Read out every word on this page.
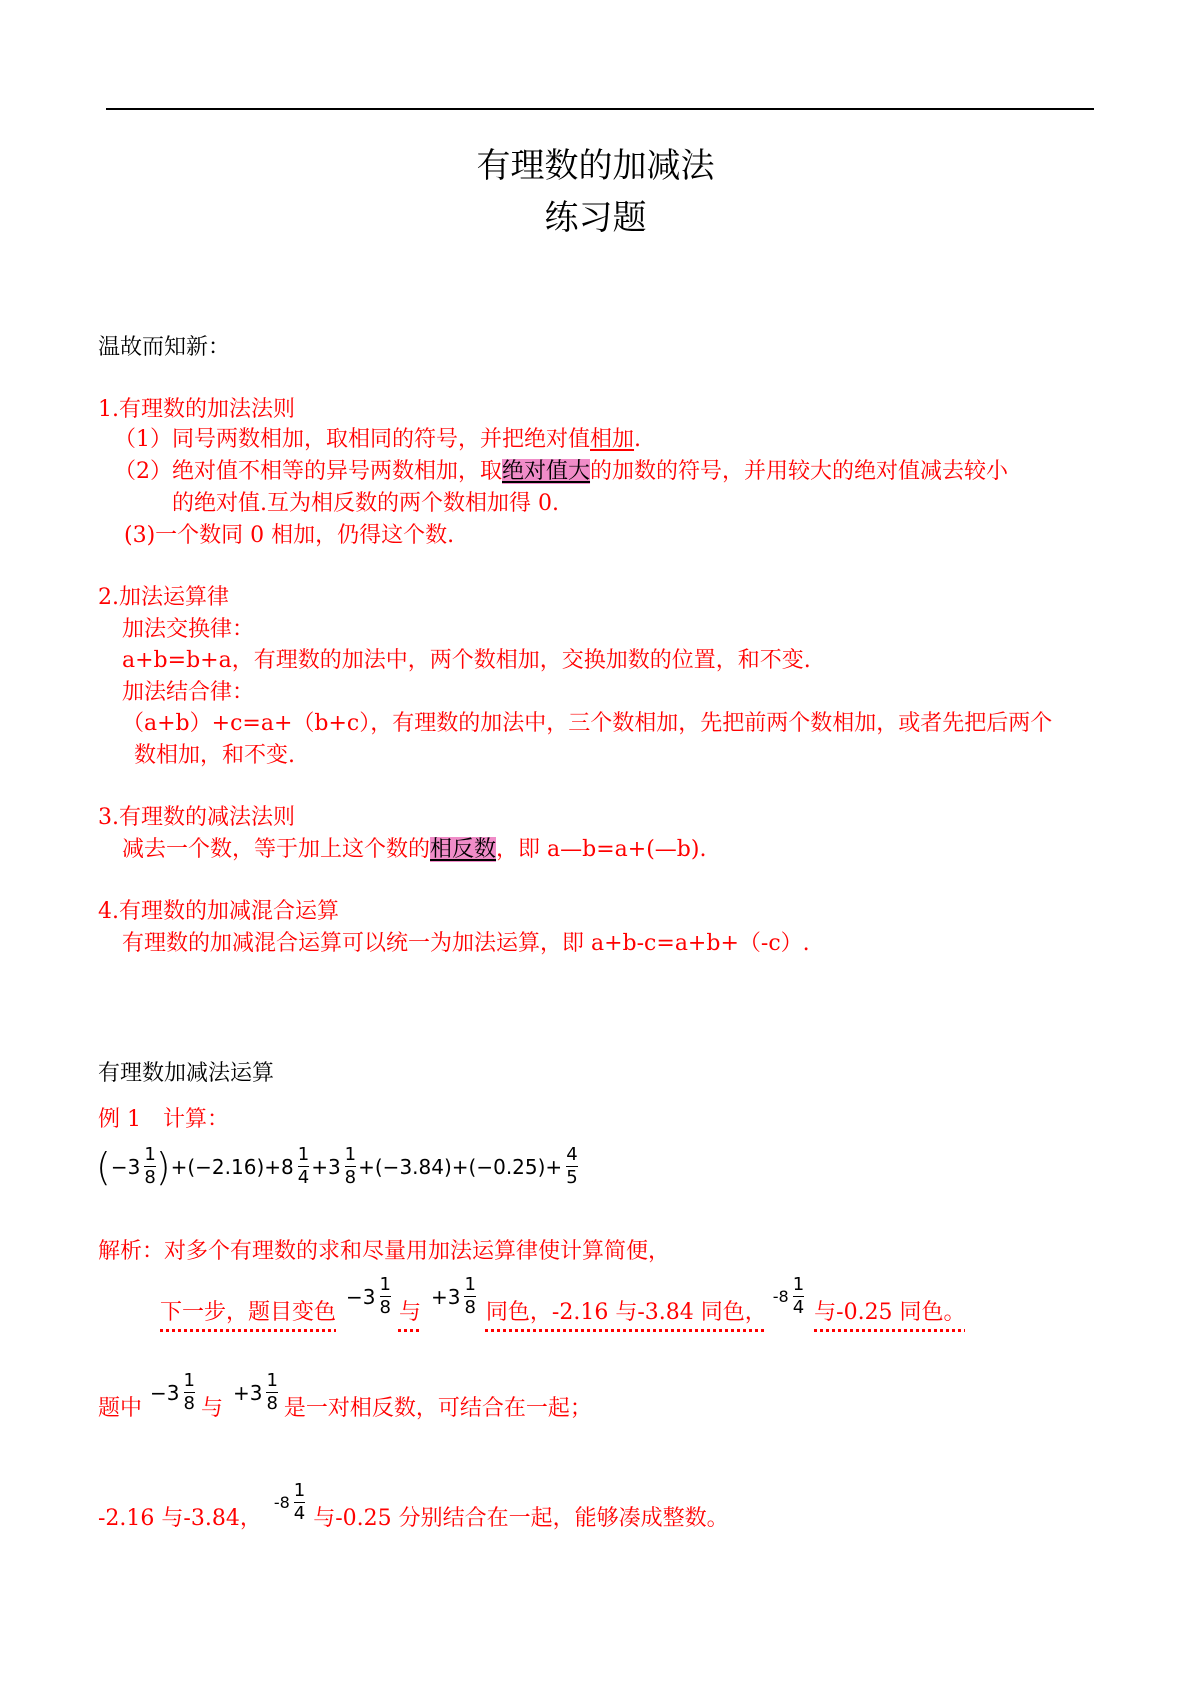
有理数的加减法
练习题
温故而知新：
1.有理数的加法法则
（1）同号两数相加，取相同的符号，并把绝对值相加.
（2）绝对值不相等的异号两数相加，取绝对值大的加数的符号，并用较大的绝对值减去较小
的绝对值.互为相反数的两个数相加得 0.
(3)一个数同 0 相加，仍得这个数.
2.加法运算律
加法交换律：
a+b=b+a，有理数的加法中，两个数相加，交换加数的位置，和不变.
加法结合律：
（a+b）+c=a+（b+c），有理数的加法中，三个数相加，先把前两个数相加，或者先把后两个
数相加，和不变.
3.有理数的减法法则
减去一个数，等于加上这个数的相反数，即 a—b=a+(—b).
4.有理数的加减混合运算
有理数的加减混合运算可以统一为加法运算，即 a+b-c=a+b+（-c）.
有理数加减法运算
例 1　计算：
( $-3 \frac{1}{8}$ ) $+(-2.16)+8 \frac{1}{4} +3 \frac{1}{8} +(-3.84)+(-0.25)+ \frac{4}{5}$
解析：对多个有理数的求和尽量用加法运算律使计算简便，
下一步，题目变色
$-3 \frac{1}{8}$ 与
$+3 \frac{1}{8}$ 同色，-2.16 与-3.84 同色，
$-8 \frac{1}{4}$ 与-0.25 同色。
题中
$-3 \frac{1}{8}$ 与
$+3 \frac{1}{8}$ 是一对相反数，可结合在一起；
-2.16 与-3.84，
$-8 \frac{1}{4}$ 与-0.25 分别结合在一起，能够凑成整数。
